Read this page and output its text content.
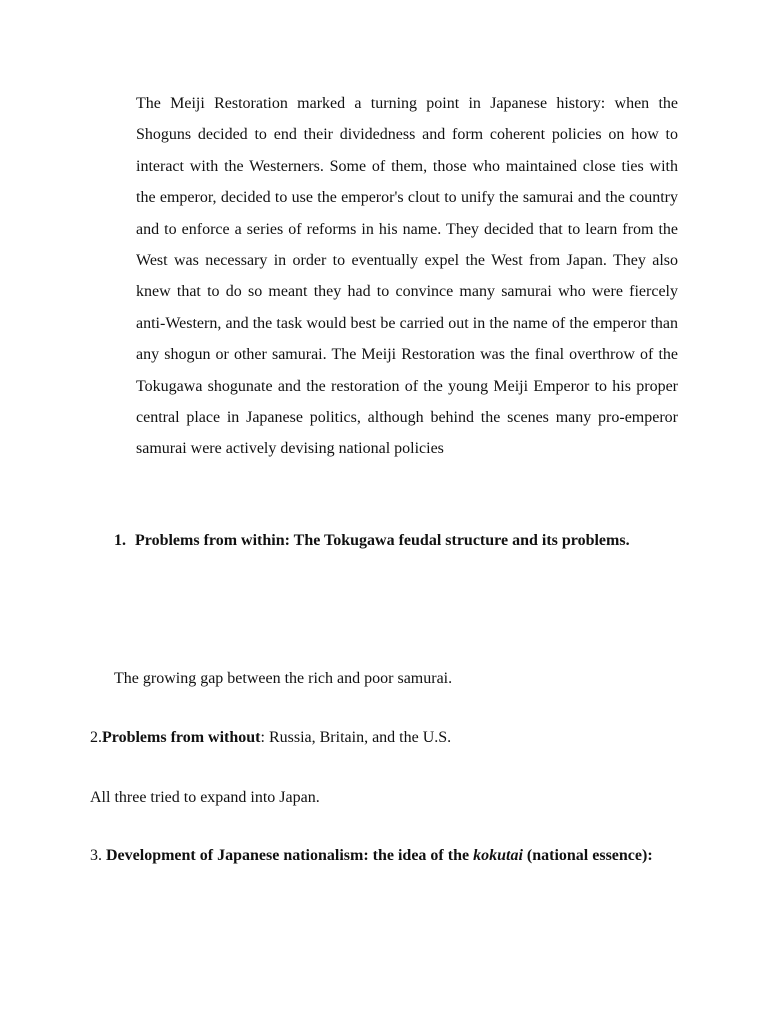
The Meiji Restoration marked a turning point in Japanese history: when the Shoguns decided to end their dividedness and form coherent policies on how to interact with the Westerners. Some of them, those who maintained close ties with the emperor, decided to use the emperor's clout to unify the samurai and the country and to enforce a series of reforms in his name. They decided that to learn from the West was necessary in order to eventually expel the West from Japan. They also knew that to do so meant they had to convince many samurai who were fiercely anti-Western, and the task would best be carried out in the name of the emperor than any shogun or other samurai. The Meiji Restoration was the final overthrow of the Tokugawa shogunate and the restoration of the young Meiji Emperor to his proper central place in Japanese politics, although behind the scenes many pro-emperor samurai were actively devising national policies

1. Problems from within: The Tokugawa feudal structure and its problems.
The growing gap between the rich and poor samurai.
2.Problems from without: Russia, Britain, and the U.S.
All three tried to expand into Japan.
3. Development of Japanese nationalism: the idea of the kokutai (national essence):
